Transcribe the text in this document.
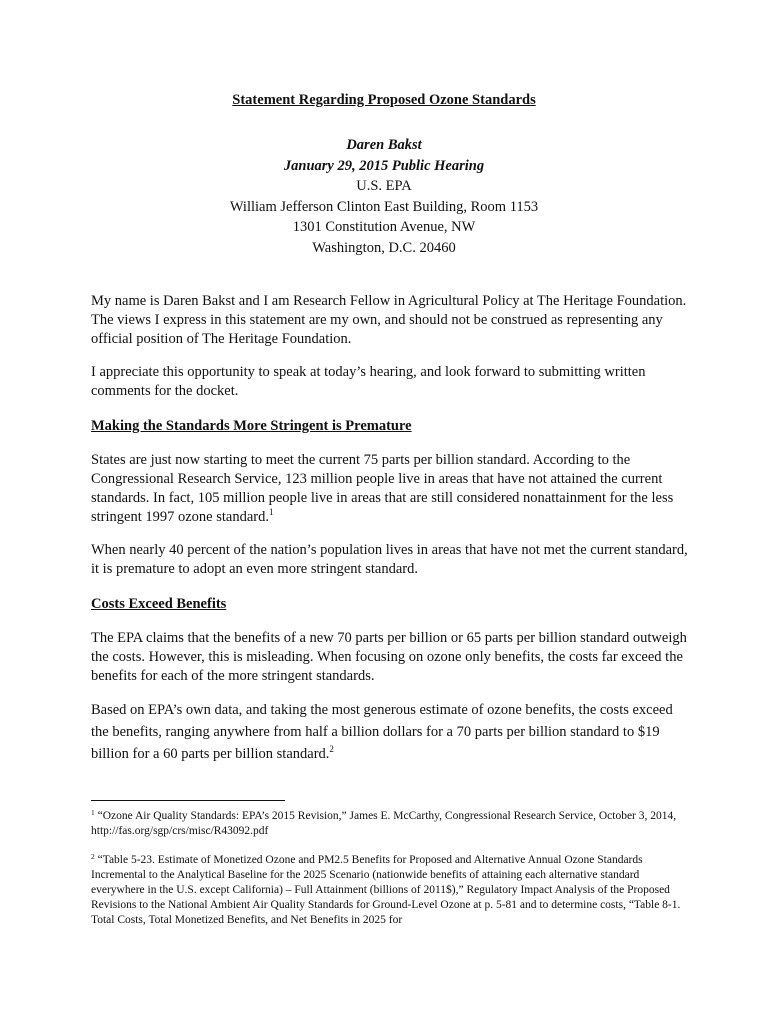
Statement Regarding Proposed Ozone Standards
Daren Bakst
January 29, 2015 Public Hearing
U.S. EPA
William Jefferson Clinton East Building, Room 1153
1301 Constitution Avenue, NW
Washington, D.C. 20460
My name is Daren Bakst and I am Research Fellow in Agricultural Policy at The Heritage Foundation. The views I express in this statement are my own, and should not be construed as representing any official position of The Heritage Foundation.
I appreciate this opportunity to speak at today’s hearing, and look forward to submitting written comments for the docket.
Making the Standards More Stringent is Premature
States are just now starting to meet the current 75 parts per billion standard. According to the Congressional Research Service, 123 million people live in areas that have not attained the current standards. In fact, 105 million people live in areas that are still considered nonattainment for the less stringent 1997 ozone standard.$^1$
When nearly 40 percent of the nation’s population lives in areas that have not met the current standard, it is premature to adopt an even more stringent standard.
Costs Exceed Benefits
The EPA claims that the benefits of a new 70 parts per billion or 65 parts per billion standard outweigh the costs. However, this is misleading. When focusing on ozone only benefits, the costs far exceed the benefits for each of the more stringent standards.
Based on EPA’s own data, and taking the most generous estimate of ozone benefits, the costs exceed the benefits, ranging anywhere from half a billion dollars for a 70 parts per billion standard to $19 billion for a 60 parts per billion standard.$^2$
$^1$ “Ozone Air Quality Standards: EPA’s 2015 Revision,” James E. McCarthy, Congressional Research Service, October 3, 2014, http://fas.org/sgp/crs/misc/R43092.pdf
$^2$ “Table 5-23. Estimate of Monetized Ozone and PM2.5 Benefits for Proposed and Alternative Annual Ozone Standards Incremental to the Analytical Baseline for the 2025 Scenario (nationwide benefits of attaining each alternative standard everywhere in the U.S. except California) – Full Attainment (billions of 2011$),” Regulatory Impact Analysis of the Proposed Revisions to the National Ambient Air Quality Standards for Ground-Level Ozone at p. 5-81 and to determine costs, “Table 8-1. Total Costs, Total Monetized Benefits, and Net Benefits in 2025 for
